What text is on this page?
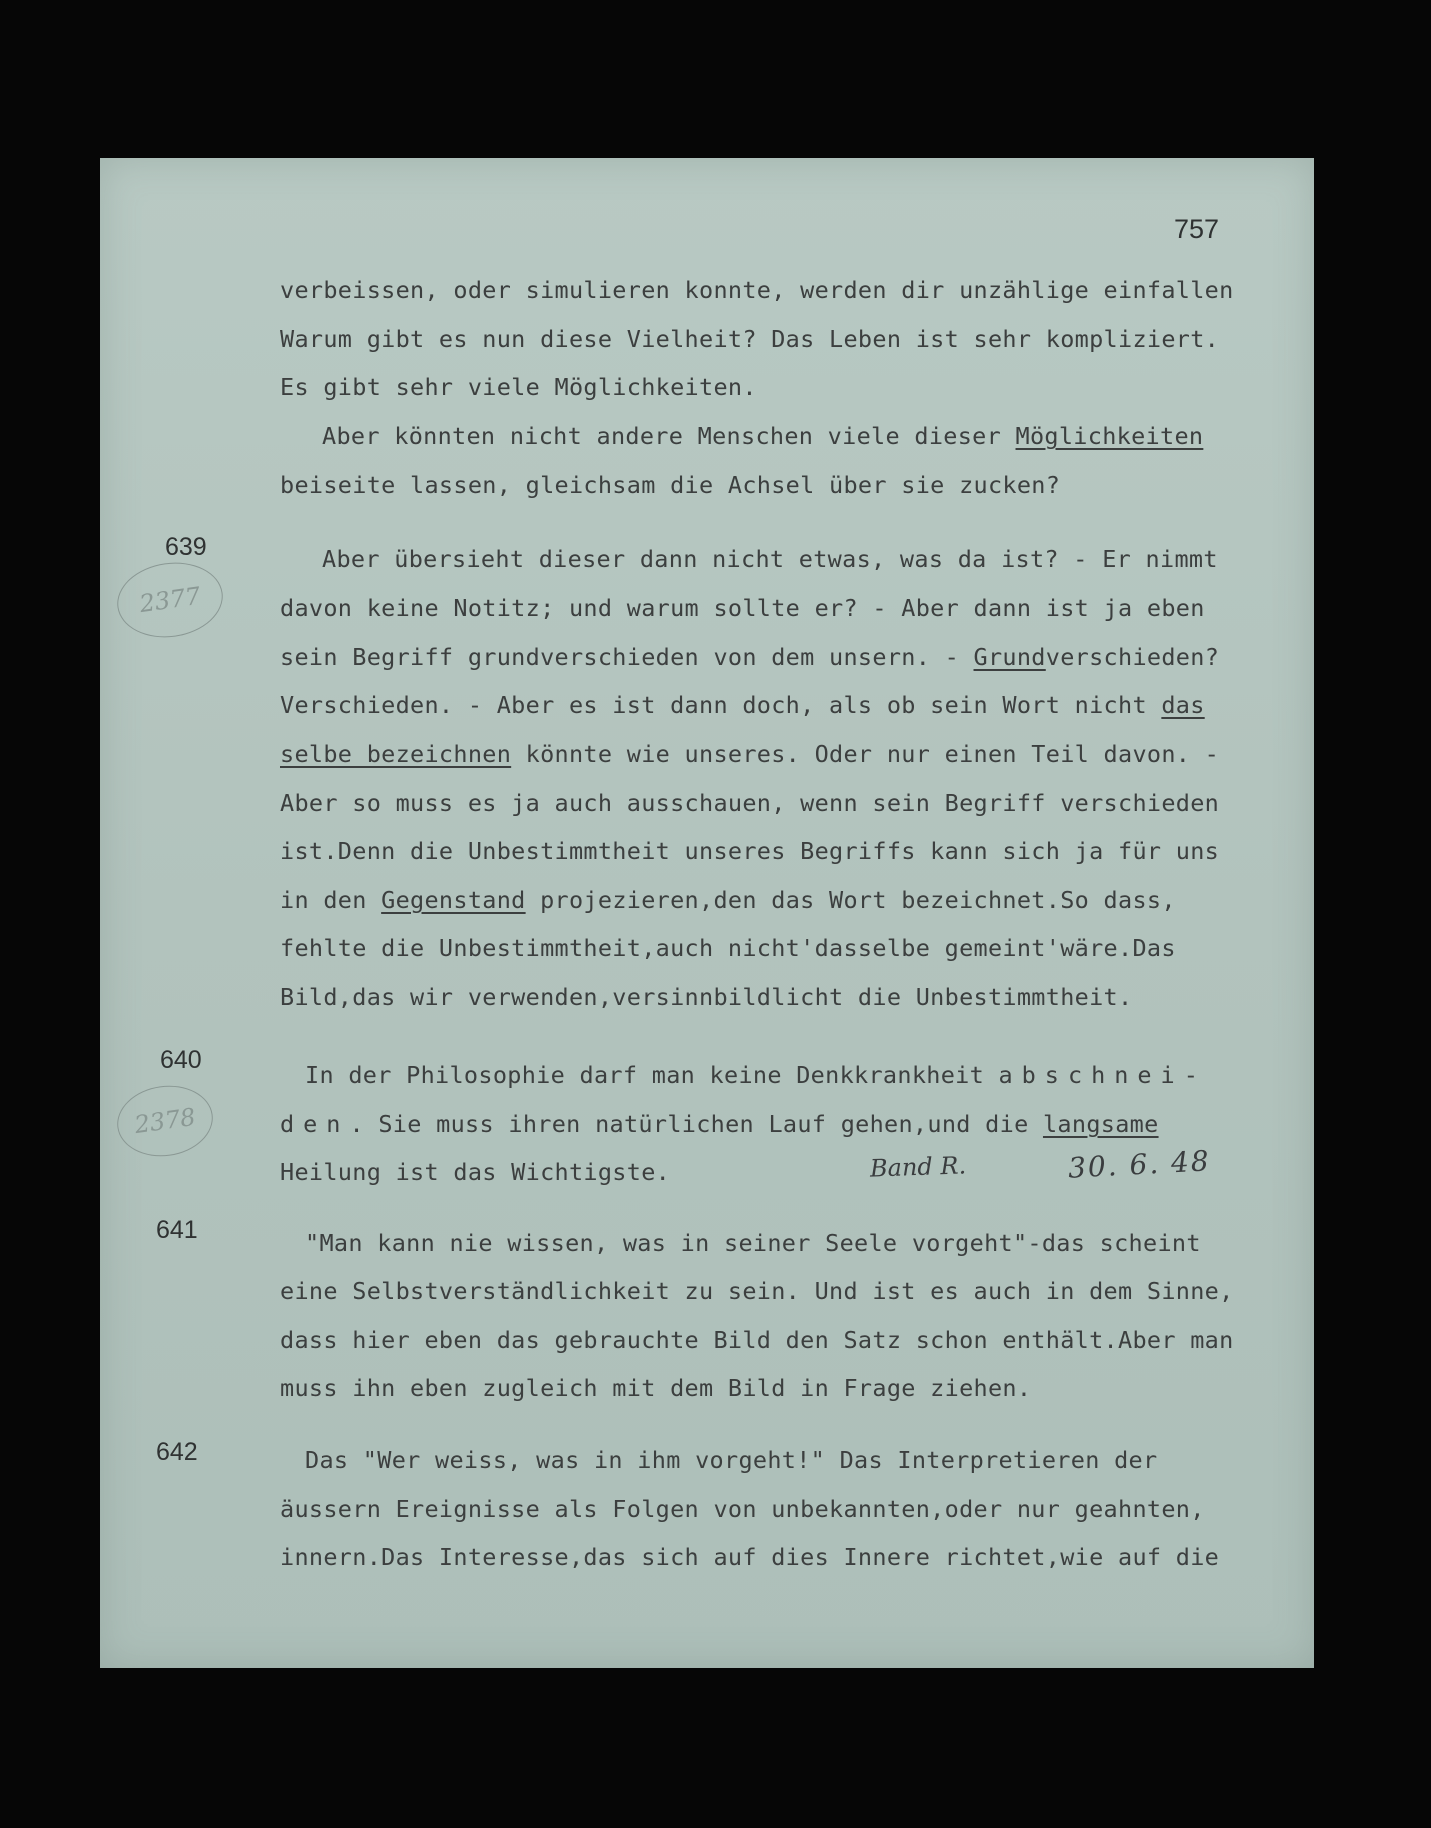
757
verbeissen, oder simulieren konnte, werden dir unzählige einfallen
Warum gibt es nun diese Vielheit? Das Leben ist sehr kompliziert.
Es gibt sehr viele Möglichkeiten.
Aber könnten nicht andere Menschen viele dieser Möglichkeiten
beiseite lassen, gleichsam die Achsel über sie zucken?
Aber übersieht dieser dann nicht etwas, was da ist? - Er nimmt
davon keine Notitz; und warum sollte er? - Aber dann ist ja eben
sein Begriff grundverschieden von dem unsern. - Grundverschieden?
Verschieden. - Aber es ist dann doch, als ob sein Wort nicht das
selbe bezeichnen könnte wie unseres. Oder nur einen Teil davon. -
Aber so muss es ja auch ausschauen, wenn sein Begriff verschieden
ist.Denn die Unbestimmtheit unseres Begriffs kann sich ja für uns
in den Gegenstand projezieren,den das Wort bezeichnet.So dass,
fehlte die Unbestimmtheit,auch nicht'dasselbe gemeint'wäre.Das
Bild,das wir verwenden,versinnbildlicht die Unbestimmtheit.
In der Philosophie darf man keine Denkkrankheit abschnei-
den. Sie muss ihren natürlichen Lauf gehen,und die langsame
Heilung ist das Wichtigste.
"Man kann nie wissen, was in seiner Seele vorgeht"-das scheint
eine Selbstverständlichkeit zu sein. Und ist es auch in dem Sinne,
dass hier eben das gebrauchte Bild den Satz schon enthält.Aber man
muss ihn eben zugleich mit dem Bild in Frage ziehen.
Das "Wer weiss, was in ihm vorgeht!" Das Interpretieren der
äussern Ereignisse als Folgen von unbekannten,oder nur geahnten,
innern.Das Interesse,das sich auf dies Innere richtet,wie auf die
639
2377
640
2378
641
642
Band R.	30. 6. 48
